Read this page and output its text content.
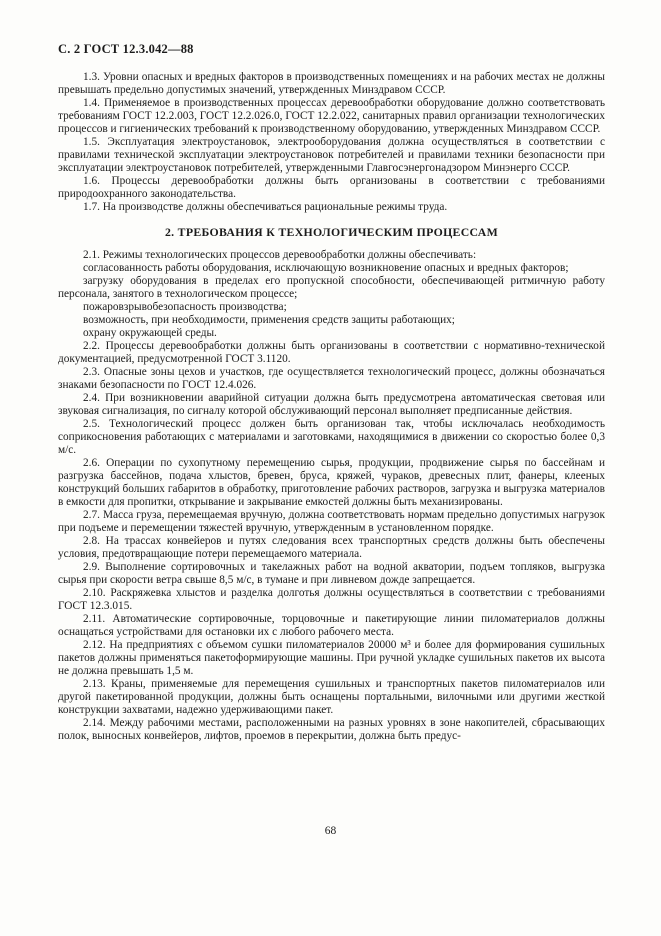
С. 2 ГОСТ 12.3.042—88

1.3. Уровни опасных и вредных факторов в производственных помещениях и на рабочих местах не должны превышать предельно допустимых значений, утвержденных Минздравом СССР.

1.4. Применяемое в производственных процессах деревообработки оборудование должно соответствовать требованиям ГОСТ 12.2.003, ГОСТ 12.2.026.0, ГОСТ 12.2.022, санитарных правил организации технологических процессов и гигиенических требований к производственному оборудованию, утвержденных Минздравом СССР.

1.5. Эксплуатация электроустановок, электрооборудования должна осуществляться в соответствии с правилами технической эксплуатации электроустановок потребителей и правилами техники безопасности при эксплуатации электроустановок потребителей, утвержденными Главгосэнергонадзором Минэнерго СССР.

1.6. Процессы деревообработки должны быть организованы в соответствии с требованиями природоохранного законодательства.

1.7. На производстве должны обеспечиваться рациональные режимы труда.

2. ТРЕБОВАНИЯ К ТЕХНОЛОГИЧЕСКИМ ПРОЦЕССАМ

2.1. Режимы технологических процессов деревообработки должны обеспечивать:

согласованность работы оборудования, исключающую возникновение опасных и вредных факторов;

загрузку оборудования в пределах его пропускной способности, обеспечивающей ритмичную работу персонала, занятого в технологическом процессе;

пожаровзрывобезопасность производства;

возможность, при необходимости, применения средств защиты работающих;

охрану окружающей среды.

2.2. Процессы деревообработки должны быть организованы в соответствии с нормативно-технической документацией, предусмотренной ГОСТ 3.1120.

2.3. Опасные зоны цехов и участков, где осуществляется технологический процесс, должны обозначаться знаками безопасности по ГОСТ 12.4.026.

2.4. При возникновении аварийной ситуации должна быть предусмотрена автоматическая световая или звуковая сигнализация, по сигналу которой обслуживающий персонал выполняет предписанные действия.

2.5. Технологический процесс должен быть организован так, чтобы исключалась необходимость соприкосновения работающих с материалами и заготовками, находящимися в движении со скоростью более 0,3 м/с.

2.6. Операции по сухопутному перемещению сырья, продукции, продвижение сырья по бассейнам и разгрузка бассейнов, подача хлыстов, бревен, бруса, кряжей, чураков, древесных плит, фанеры, клееных конструкций больших габаритов в обработку, приготовление рабочих растворов, загрузка и выгрузка материалов в емкости для пропитки, открывание и закрывание емкостей должны быть механизированы.

2.7. Масса груза, перемещаемая вручную, должна соответствовать нормам предельно допустимых нагрузок при подъеме и перемещении тяжестей вручную, утвержденным в установленном порядке.

2.8. На трассах конвейеров и путях следования всех транспортных средств должны быть обеспечены условия, предотвращающие потери перемещаемого материала.

2.9. Выполнение сортировочных и такелажных работ на водной акватории, подъем топляков, выгрузка сырья при скорости ветра свыше 8,5 м/с, в тумане и при ливневом дожде запрещается.

2.10. Раскряжевка хлыстов и разделка долготья должны осуществляться в соответствии с требованиями ГОСТ 12.3.015.

2.11. Автоматические сортировочные, торцовочные и пакетирующие линии пиломатериалов должны оснащаться устройствами для остановки их с любого рабочего места.

2.12. На предприятиях с объемом сушки пиломатериалов 20000 м³ и более для формирования сушильных пакетов должны применяться пакетоформирующие машины. При ручной укладке сушильных пакетов их высота не должна превышать 1,5 м.

2.13. Краны, применяемые для перемещения сушильных и транспортных пакетов пиломатериалов или другой пакетированной продукции, должны быть оснащены портальными, вилочными или другими жесткой конструкции захватами, надежно удерживающими пакет.

2.14. Между рабочими местами, расположенными на разных уровнях в зоне накопителей, сбрасывающих полок, выносных конвейеров, лифтов, проемов в перекрытии, должна быть предус-

68
